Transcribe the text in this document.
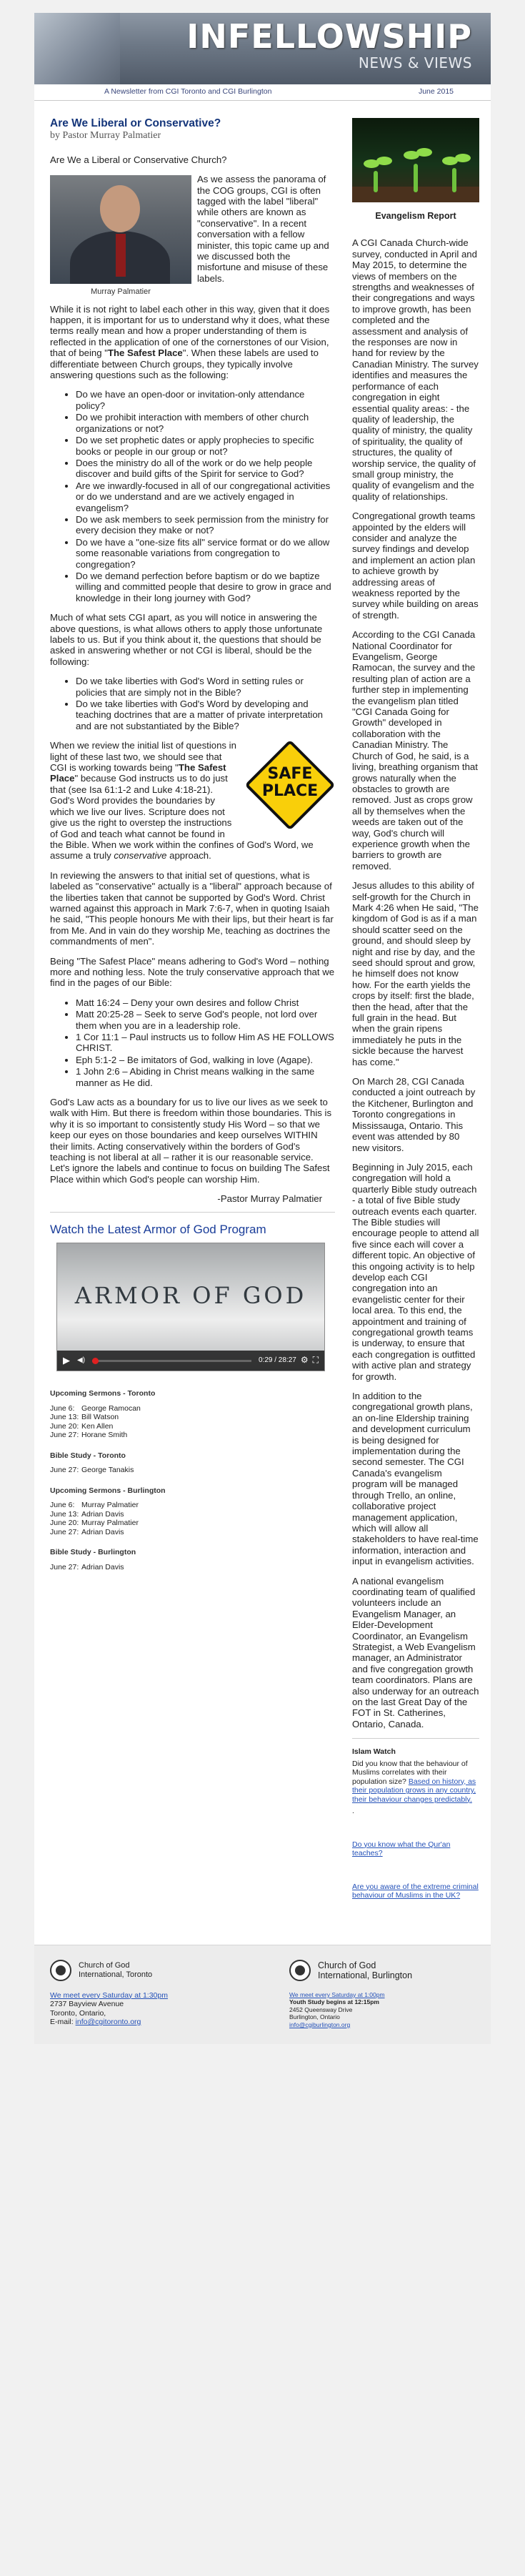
INFELLOWSHIP
NEWS & VIEWS
A Newsletter from CGI Toronto and CGI Burlington	June 2015
Are We Liberal or Conservative?
by Pastor Murray Palmatier

Are We a Liberal or Conservative Church?

Murray Palmatier

As we assess the panorama of the COG groups, CGI is often tagged with the label "liberal" while others are known as "conservative". In a recent conversation with a fellow minister, this topic came up and we discussed both the misfortune and misuse of these labels.

While it is not right to label each other in this way, given that it does happen, it is important for us to understand why it does, what these terms really mean and how a proper understanding of them is reflected in the application of one of the cornerstones of our Vision, that of being "The Safest Place". When these labels are used to differentiate between Church groups, they typically involve answering questions such as the following:

• Do we have an open-door or invitation-only attendance policy?
• Do we prohibit interaction with members of other church organizations or not?
• Do we set prophetic dates or apply prophecies to specific books or people in our group or not?
• Does the ministry do all of the work or do we help people discover and build gifts of the Spirit for service to God?
• Are we inwardly-focused in all of our congregational activities or do we understand and are we actively engaged in evangelism?
• Do we ask members to seek permission from the ministry for every decision they make or not?
• Do we have a "one-size fits all" service format or do we allow some reasonable variations from congregation to congregation?
• Do we demand perfection before baptism or do we baptize willing and committed people that desire to grow in grace and knowledge in their long journey with God?

Much of what sets CGI apart, as you will notice in answering the above questions, is what allows others to apply those unfortunate labels to us. But if you think about it, the questions that should be asked in answering whether or not CGI is liberal, should be the following:

• Do we take liberties with God's Word in setting rules or policies that are simply not in the Bible?
• Do we take liberties with God's Word by developing and teaching doctrines that are a matter of private interpretation and are not substantiated by the Bible?
SAFE
PLACE

When we review the initial list of questions in light of these last two, we should see that CGI is working towards being "The Safest Place" because God instructs us to do just that (see Isa 61:1-2 and Luke 4:18-21). God's Word provides the boundaries by which we live our lives. Scripture does not give us the right to overstep the instructions of God and teach what cannot be found in the Bible. When we work within the confines of God's Word, we assume a truly conservative approach.

In reviewing the answers to that initial set of questions, what is labeled as "conservative" actually is a "liberal" approach because of the liberties taken that cannot be supported by God's Word. Christ warned against this approach in Mark 7:6-7, when in quoting Isaiah he said, "This people honours Me with their lips, but their heart is far from Me. And in vain do they worship Me, teaching as doctrines the commandments of men".

Being "The Safest Place" means adhering to God's Word – nothing more and nothing less. Note the truly conservative approach that we find in the pages of our Bible:

• Matt 16:24 – Deny your own desires and follow Christ
• Matt 20:25-28 – Seek to serve God's people, not lord over them when you are in a leadership role.
• 1 Cor 11:1 – Paul instructs us to follow Him AS HE FOLLOWS CHRIST.
• Eph 5:1-2 – Be imitators of God, walking in love (Agape).
• 1 John 2:6 – Abiding in Christ means walking in the same manner as He did.

God's Law acts as a boundary for us to live our lives as we seek to walk with Him. But there is freedom within those boundaries. This is why it is so important to consistently study His Word – so that we keep our eyes on those boundaries and keep ourselves WITHIN their limits. Acting conservatively within the borders of God's teaching is not liberal at all – rather it is our reasonable service. Let's ignore the labels and continue to focus on building The Safest Place within which God's people can worship Him.

-Pastor Murray Palmatier

Watch the Latest Armor of God Program
ARMOR OF GOD
▶ ◀)	0:29 / 28:27 ⚙ ⛶
Upcoming Sermons - Toronto
June 6: George Ramocan
June 13: Bill Watson
June 20: Ken Allen
June 27: Horane Smith
Bible Study - Toronto
June 27: George Tanakis
Upcoming Sermons - Burlington
June 6: Murray Palmatier
June 13: Adrian Davis
June 20: Murray Palmatier
June 27: Adrian Davis
Bible Study - Burlington
June 27: Adrian Davis
Evangelism Report

A CGI Canada Church-wide survey, conducted in April and May 2015, to determine the views of members on the strengths and weaknesses of their congregations and ways to improve growth, has been completed and the assessment and analysis of the responses are now in hand for review by the Canadian Ministry. The survey identifies and measures the performance of each congregation in eight essential quality areas: - the quality of leadership, the quality of ministry, the quality of spirituality, the quality of structures, the quality of worship service, the quality of small group ministry, the quality of evangelism and the quality of relationships.

Congregational growth teams appointed by the elders will consider and analyze the survey findings and develop and implement an action plan to achieve growth by addressing areas of weakness reported by the survey while building on areas of strength.

According to the CGI Canada National Coordinator for Evangelism, George Ramocan, the survey and the resulting plan of action are a further step in implementing the evangelism plan titled "CGI Canada Going for Growth" developed in collaboration with the Canadian Ministry. The Church of God, he said, is a living, breathing organism that grows naturally when the obstacles to growth are removed. Just as crops grow all by themselves when the weeds are taken out of the way, God's church will experience growth when the barriers to growth are removed.

Jesus alludes to this ability of self-growth for the Church in Mark 4:26 when He said, "The kingdom of God is as if a man should scatter seed on the ground, and should sleep by night and rise by day, and the seed should sprout and grow, he himself does not know how. For the earth yields the crops by itself: first the blade, then the head, after that the full grain in the head. But when the grain ripens immediately he puts in the sickle because the harvest has come."

On March 28, CGI Canada conducted a joint outreach by the Kitchener, Burlington and Toronto congregations in Mississauga, Ontario. This event was attended by 80 new visitors.

Beginning in July 2015, each congregation will hold a quarterly Bible study outreach - a total of five Bible study outreach events each quarter. The Bible studies will encourage people to attend all five since each will cover a different topic. An objective of this ongoing activity is to help develop each CGI congregation into an evangelistic center for their local area. To this end, the appointment and training of congregational growth teams is underway, to ensure that each congregation is outfitted with active plan and strategy for growth.

In addition to the congregational growth plans, an on-line Eldership training and development curriculum is being designed for implementation during the second semester. The CGI Canada's evangelism program will be managed through Trello, an online, collaborative project management application, which will allow all stakeholders to have real-time information, interaction and input in evangelism activities.

A national evangelism coordinating team of qualified volunteers include an Evangelism Manager, an Elder-Development Coordinator, an Evangelism Strategist, a Web Evangelism manager, an Administrator and five congregation growth team coordinators. Plans are also underway for an outreach on the last Great Day of the FOT in St. Catherines, Ontario, Canada.

Islam Watch

Did you know that the behaviour of Muslims correlates with their population size? Based on history, as their population grows in any country, their behaviour changes predictably.

.

Do you know what the Qur'an teaches?

Are you aware of the extreme criminal behaviour of Muslims in the UK?

Church of God
International, Toronto
We meet every Saturday at 1:30pm
2737 Bayview Avenue
Toronto, Ontario,
E-mail: info@cgitoronto.org
Church of God
International, Burlington
We meet every Saturday at 1:00pm
Youth Study begins at 12:15pm
2452 Queensway Drive
Burlington, Ontario
info@cgiburlington.org
